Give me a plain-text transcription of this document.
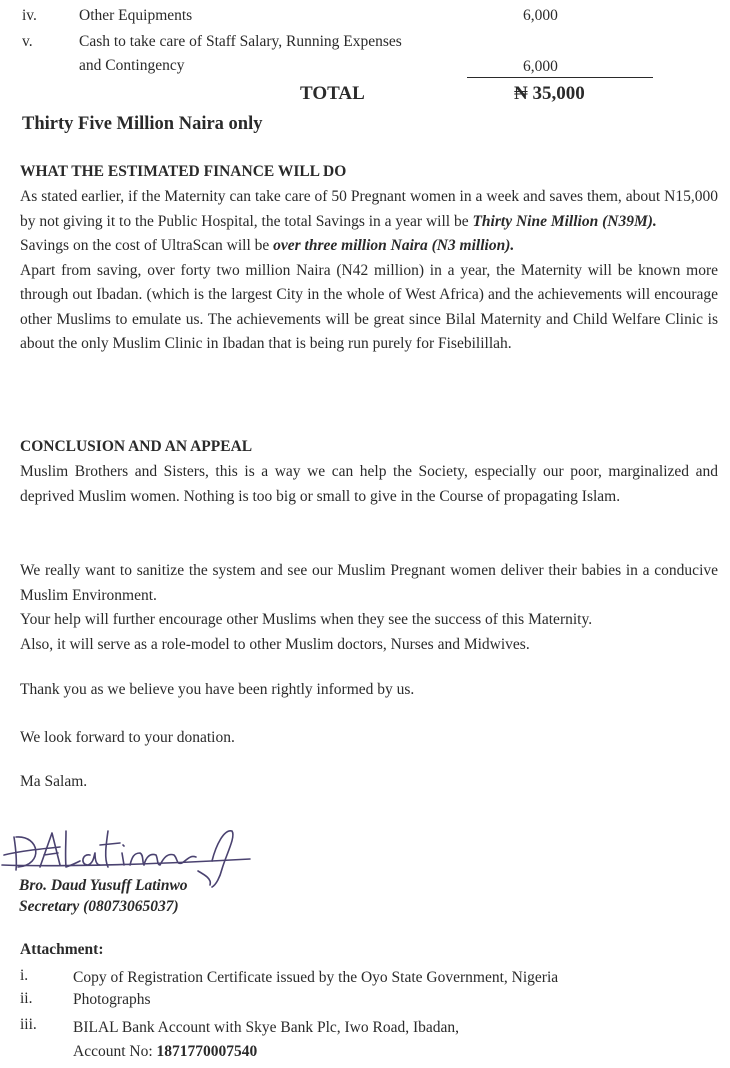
iv.	Other Equipments	6,000
v.	Cash to take care of Staff Salary, Running Expenses
and Contingency	6,000
TOTAL	₦ 35,000
Thirty Five Million Naira only
WHAT THE ESTIMATED FINANCE WILL DO
As stated earlier, if the Maternity can take care of 50 Pregnant women in a week and saves them, about N15,000 by not giving it to the Public Hospital, the total Savings in a year will be Thirty Nine Million (N39M).
Savings on the cost of UltraScan will be over three million Naira (N3 million).
Apart from saving, over forty two million Naira (N42 million) in a year, the Maternity will be known more through out Ibadan. (which is the largest City in the whole of West Africa) and the achievements will encourage other Muslims to emulate us. The achievements will be great since Bilal Maternity and Child Welfare Clinic is about the only Muslim Clinic in Ibadan that is being run purely for Fisebilillah.
CONCLUSION AND AN APPEAL
Muslim Brothers and Sisters, this is a way we can help the Society, especially our poor, marginalized and deprived Muslim women. Nothing is too big or small to give in the Course of propagating Islam.
We really want to sanitize the system and see our Muslim Pregnant women deliver their babies in a conducive Muslim Environment.
Your help will further encourage other Muslims when they see the success of this Maternity.
Also, it will serve as a role-model to other Muslim doctors, Nurses and Midwives.
Thank you as we believe you have been rightly informed by us.
We look forward to your donation.
Ma Salam.
Bro. Daud Yusuff Latinwo
Secretary (08073065037)
Attachment:
i.	Copy of Registration Certificate issued by the Oyo State Government, Nigeria
ii.	Photographs
iii. BILAL Bank Account with Skye Bank Plc, Iwo Road, Ibadan,
Account No: 1871770007540
